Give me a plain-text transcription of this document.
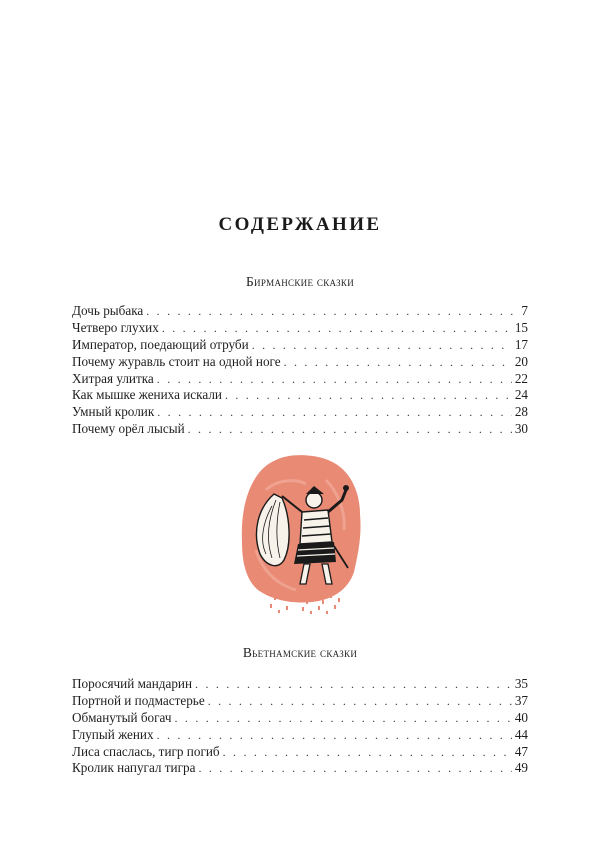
СОДЕРЖАНИЕ
Бирманские сказки
Дочь рыбака . . .	7
Четверо глухих . . .	15
Император, поедающий отруби . . .	17
Почему журавль стоит на одной ноге . . .	20
Хитрая улитка . . .	22
Как мышке жениха искали . . .	24
Умный кролик . . .	28
Почему орёл лысый . . .	30
Вьетнамские сказки
Поросячий мандарин . . .	35
Портной и подмастерье . . .	37
Обманутый богач . . .	40
Глупый жених . . .	44
Лиса спаслась, тигр погиб . . .	47
Кролик напугал тигра . . .	49
